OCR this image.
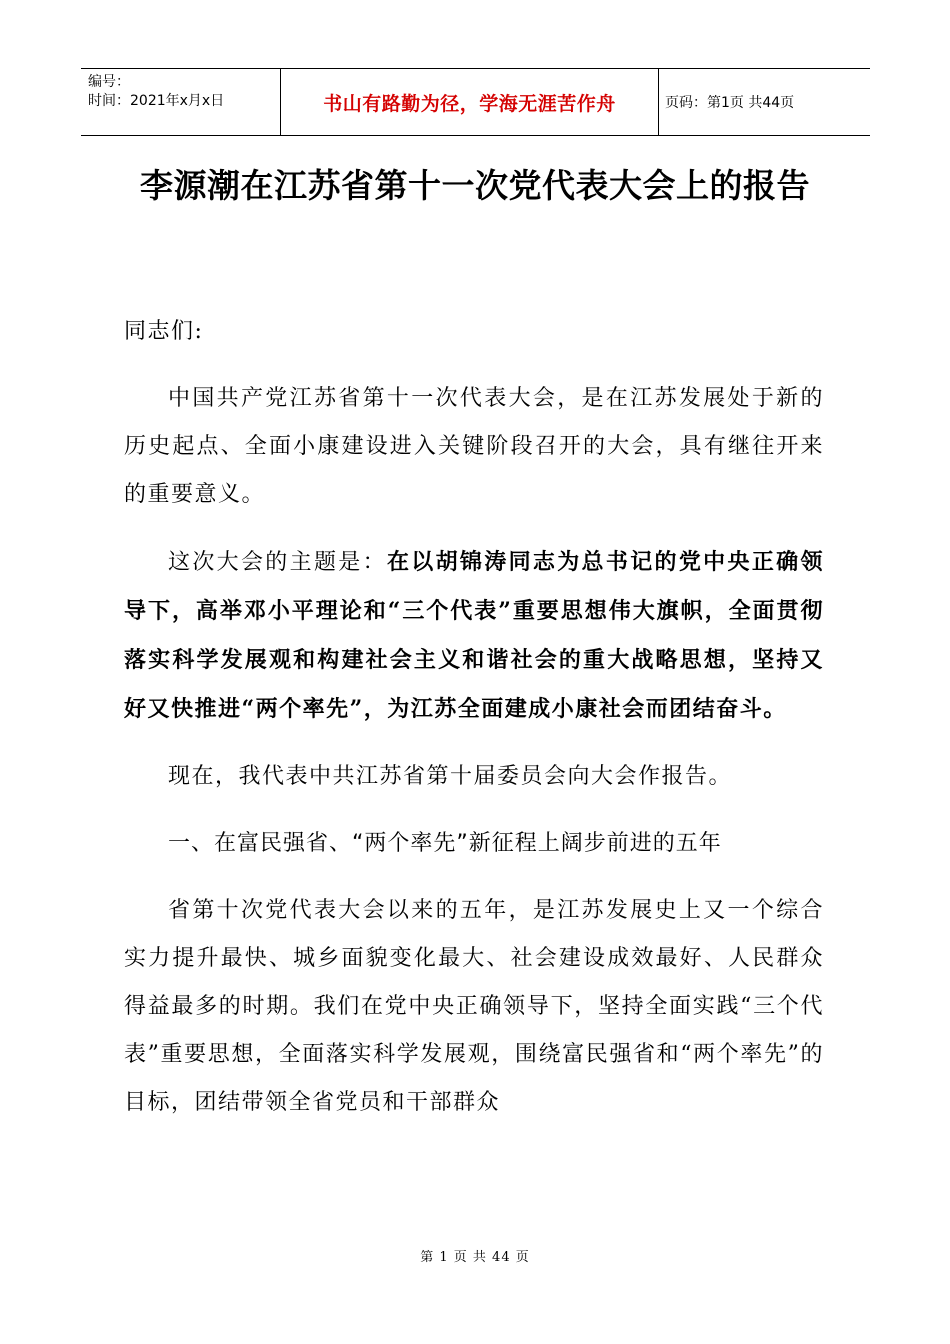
编号：
时间：2021年x月x日	书山有路勤为径，学海无涯苦作舟	页码：第1页 共44页
李源潮在江苏省第十一次党代表大会上的报告

同志们:

中国共产党江苏省第十一次代表大会，是在江苏发展处于新的历史起点、全面小康建设进入关键阶段召开的大会，具有继往开来的重要意义。

这次大会的主题是：在以胡锦涛同志为总书记的党中央正确领导下，高举邓小平理论和“三个代表”重要思想伟大旗帜，全面贯彻落实科学发展观和构建社会主义和谐社会的重大战略思想，坚持又好又快推进“两个率先”，为江苏全面建成小康社会而团结奋斗。

现在，我代表中共江苏省第十届委员会向大会作报告。

一、在富民强省、“两个率先”新征程上阔步前进的五年

省第十次党代表大会以来的五年，是江苏发展史上又一个综合实力提升最快、城乡面貌变化最大、社会建设成效最好、人民群众得益最多的时期。我们在党中央正确领导下，坚持全面实践“三个代表”重要思想，全面落实科学发展观，围绕富民强省和“两个率先”的目标，团结带领全省党员和干部群众

第 1 页 共 44 页
